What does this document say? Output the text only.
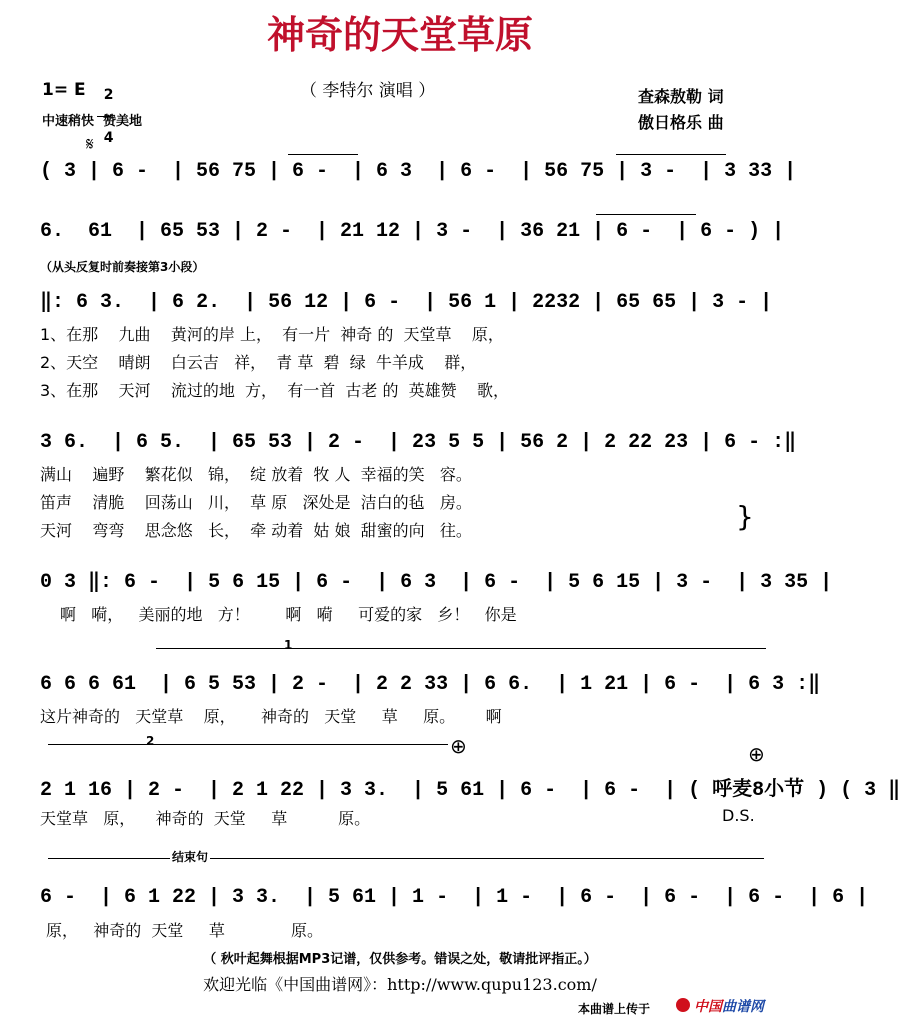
神奇的天堂草原
（ 李特尔 演唱 ）
1= E	2

4

中速稍快  赞美地
查森敖勒 词
傲日格乐 曲
𝄋
( 3 | 6 -  | 56 75 | 6 -  | 6 3  | 6 -  | 56 75 | 3 -  | 3 33 |
6.  61  | 65 53 | 2 -  | 21 12 | 3 -  | 36 21 | 6 -  | 6 - ) |
（从头反复时前奏接第3小段）
‖: 6 3.  | 6 2.  | 56 12 | 6 -  | 56 1 | 2232 | 65 65 | 3 - |
1、在那    九曲    黄河的岸 上，  有一片  神奇 的  天堂草    原，
2、天空    晴朗    白云吉   祥，  青 草  碧  绿  牛羊成    群，
3、在那    天河    流过的地  方，  有一首  古老 的  英雄赞    歌，
3 6.  | 6 5.  | 65 53 | 2 -  | 23 5 5 | 56 2 | 2 22 23 | 6 - :‖
满山    遍野    繁花似   锦，  绽 放着  牧 人  幸福的笑   容。
笛声    清脆    回荡山   川，  草 原   深处是  洁白的毡   房。
天河    弯弯    思念悠   长，  牵 动着  姑 娘  甜蜜的向   往。	}
0 3 ‖: 6 -  | 5 6 15 | 6 -  | 6 3  | 6 -  | 5 6 15 | 3 -  | 3 35 |
啊   嗬，   美丽的地   方！       啊   嗬     可爱的家   乡！   你是
1
6 6 6 61  | 6 5 53 | 2 -  | 2 2 33 | 6 6.  | 1 21 | 6 -  | 6 3 :‖
这片神奇的   天堂草    原，     神奇的   天堂     草     原。      啊
2	⊕	⊕
2 1 16 | 2 -  | 2 1 22 | 3 3.  | 5 61 | 6 -  | 6 -  | ( 呼麦8小节 ) ( 3 ‖
天堂草   原，    神奇的  天堂     草          原。	D.S.
结束句
6 -  | 6 1 22 | 3 3.  | 5 61 | 1 -  | 1 -  | 6 -  | 6 -  | 6 -  | 6 |
原，   神奇的  天堂     草             原。
（ 秋叶起舞根据MP3记谱，仅供参考。错误之处，敬请批评指正。）
欢迎光临《中国曲谱网》：http://www.qupu123.com/
本曲谱上传于	中国曲谱网
